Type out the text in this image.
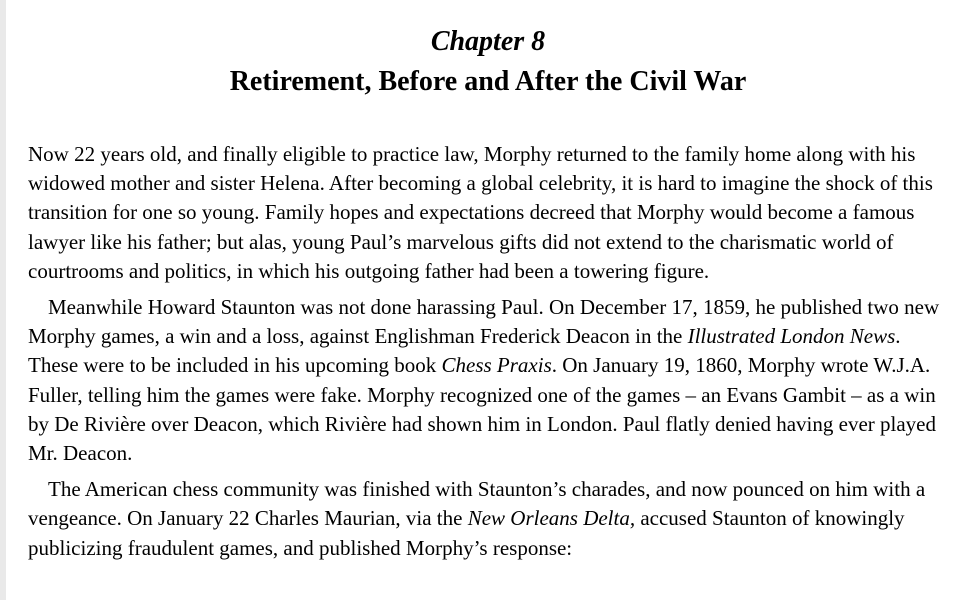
Chapter 8
Retirement, Before and After the Civil War

Now 22 years old, and finally eligible to practice law, Morphy returned to the family home along with his widowed mother and sister Helena. After becoming a global celebrity, it is hard to imagine the shock of this transition for one so young. Family hopes and expectations decreed that Morphy would become a famous lawyer like his father; but alas, young Paul’s marvelous gifts did not extend to the charismatic world of courtrooms and politics, in which his outgoing father had been a towering figure.

Meanwhile Howard Staunton was not done harassing Paul. On December 17, 1859, he published two new Morphy games, a win and a loss, against Englishman Frederick Deacon in the Illustrated London News. These were to be included in his upcoming book Chess Praxis. On January 19, 1860, Morphy wrote W.J.A. Fuller, telling him the games were fake. Morphy recognized one of the games – an Evans Gambit – as a win by De Rivière over Deacon, which Rivière had shown him in London. Paul flatly denied having ever played Mr. Deacon.

The American chess community was finished with Staunton’s charades, and now pounced on him with a vengeance. On January 22 Charles Maurian, via the New Orleans Delta, accused Staunton of knowingly publicizing fraudulent games, and published Morphy’s response:
